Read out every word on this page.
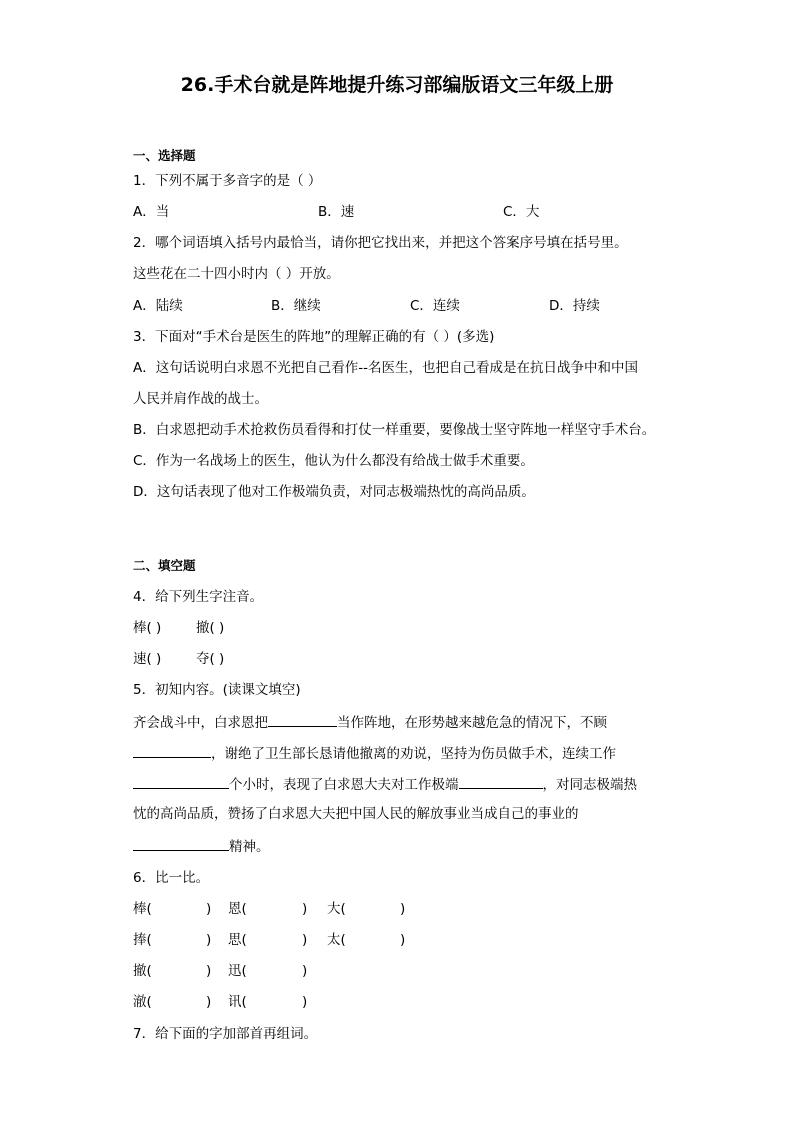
26.手术台就是阵地提升练习部编版语文三年级上册
一、选择题
1．下列不属于多音字的是（ ）
A．当	B．速	C．大
2．哪个词语填入括号内最恰当，请你把它找出来，并把这个答案序号填在括号里。
这些花在二十四小时内（ ）开放。
A．陆续	B．继续	C．连续	D．持续
3．下面对“手术台是医生的阵地”的理解正确的有（ ）(多选)
A．这句话说明白求恩不光把自己看作--名医生，也把自己看成是在抗日战争中和中国
人民并肩作战的战士。
B．白求恩把动手术抢救伤员看得和打仗一样重要，要像战士坚守阵地一样坚守手术台。
C．作为一名战场上的医生，他认为什么都没有给战士做手术重要。
D．这句话表现了他对工作极端负责，对同志极端热忱的高尚品质。
二、填空题
4．给下列生字注音。
棒( )	撤( )
速( )	夺( )
5．初知内容。(读课文填空)
齐会战斗中，白求恩把	当作阵地，在形势越来越危急的情况下，不顾
，谢绝了卫生部长恳请他撤离的劝说，坚持为伤员做手术，连续工作
个小时，表现了白求恩大夫对工作极端	，对同志极端热
忱的高尚品质，赞扬了白求恩大夫把中国人民的解放事业当成自己的事业的
精神。
6．比一比。
棒(	) 恩(	) 大(	)
捧(	) 思(	) 太(	)
撤(	) 迅(	)
澈(	) 讯(	)
7．给下面的字加部首再组词。
